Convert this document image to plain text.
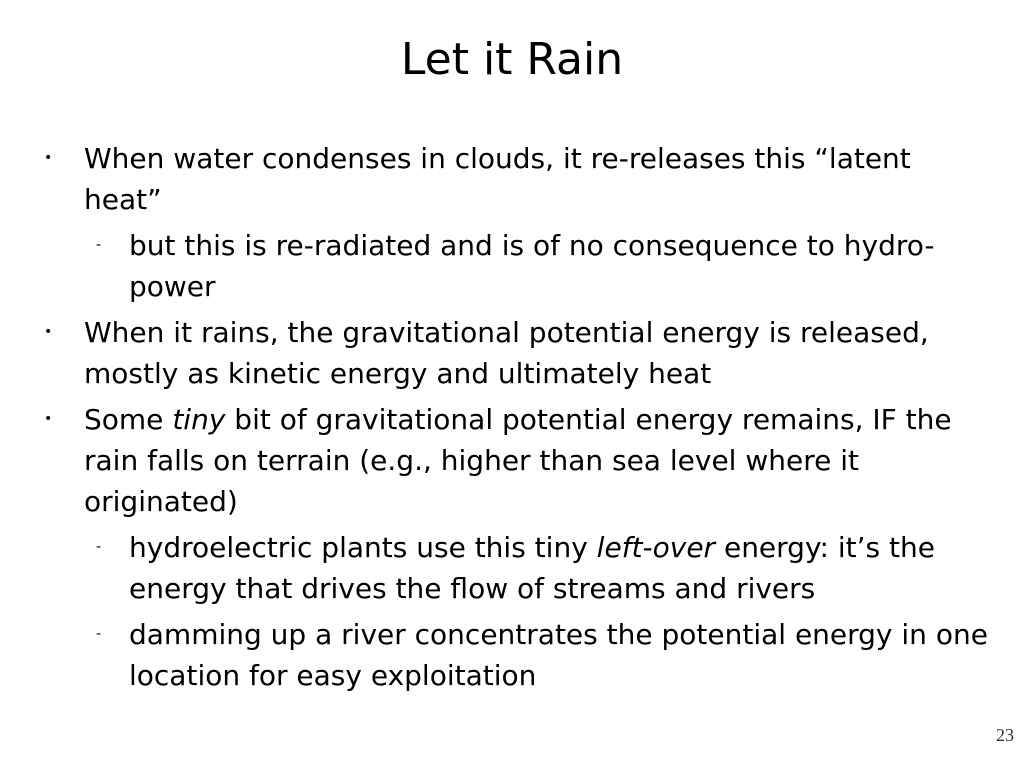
Let it Rain
• When water condenses in clouds, it re-releases this “latent heat”
- but this is re-radiated and is of no consequence to hydro-power
• When it rains, the gravitational potential energy is released, mostly as kinetic energy and ultimately heat
• Some tiny bit of gravitational potential energy remains, IF the rain falls on terrain (e.g., higher than sea level where it originated)
- hydroelectric plants use this tiny left-over energy: it’s the energy that drives the flow of streams and rivers
- damming up a river concentrates the potential energy in one location for easy exploitation
23
